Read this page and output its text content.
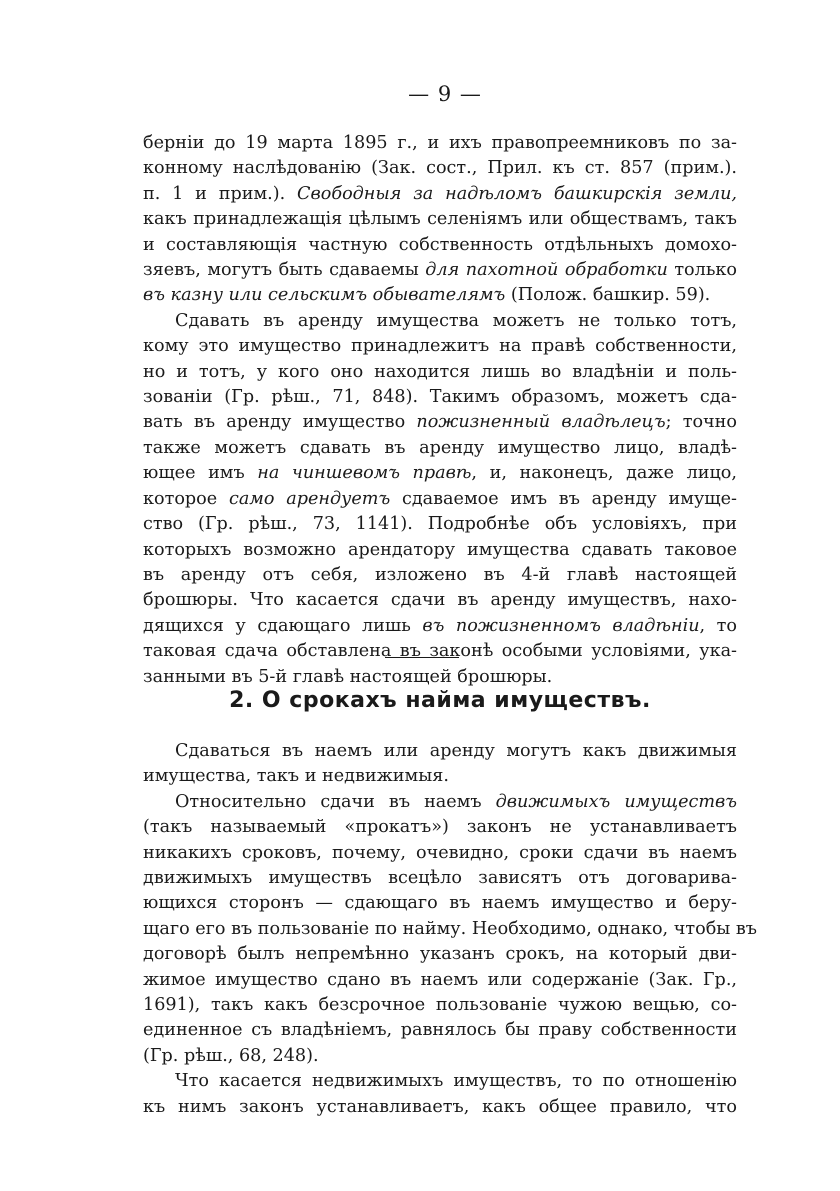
— 9 —
берніи до 19 марта 1895 г., и ихъ правопреемниковъ по за-
конному наслѣдованію (Зак. сост., Прил. къ ст. 857 (прим.).
п. 1 и прим.). Свободныя за надѣломъ башкирскія земли,
какъ принадлежащія цѣлымъ селеніямъ или обществамъ, такъ
и составляющія частную собственность отдѣльныхъ домохо-
зяевъ, могутъ быть сдаваемы для пахотной обработки только
въ казну или сельскимъ обывателямъ (Полож. башкир. 59).
Сдавать въ аренду имущества можетъ не только тотъ,
кому это имущество принадлежитъ на правѣ собственности,
но и тотъ, у кого оно находится лишь во владѣніи и поль-
зованіи (Гр. рѣш., 71, 848). Такимъ образомъ, можетъ сда-
вать въ аренду имущество пожизненный владѣлецъ; точно
также можетъ сдавать въ аренду имущество лицо, владѣ-
ющее имъ на чиншевомъ правѣ, и, наконецъ, даже лицо,
которое само арендуетъ сдаваемое имъ въ аренду имуще-
ство (Гр. рѣш., 73, 1141). Подробнѣе объ условіяхъ, при
которыхъ возможно арендатору имущества сдавать таковое
въ аренду отъ себя, изложено въ 4-й главѣ настоящей
брошюры. Что касается сдачи въ аренду имуществъ, нахо-
дящихся у сдающаго лишь въ пожизненномъ владѣніи, то
таковая сдача обставлена въ законѣ особыми условіями, ука-
занными въ 5-й главѣ настоящей брошюры.
2. О срокахъ найма имуществъ.
Сдаваться въ наемъ или аренду могутъ какъ движимыя
имущества, такъ и недвижимыя.
Относительно сдачи въ наемъ движимыхъ имуществъ
(такъ называемый «прокатъ») законъ не устанавливаетъ
никакихъ сроковъ, почему, очевидно, сроки сдачи въ наемъ
движимыхъ имуществъ всецѣло зависятъ отъ договарива-
ющихся сторонъ — сдающаго въ наемъ имущество и беру-
щаго его въ пользованіе по найму. Необходимо, однако, чтобы въ
договорѣ былъ непремѣнно указанъ срокъ, на который дви-
жимое имущество сдано въ наемъ или содержаніе (Зак. Гр.,
1691), такъ какъ безсрочное пользованіе чужою вещью, со-
единенное съ владѣніемъ, равнялось бы праву собственности
(Гр. рѣш., 68, 248).
Что касается недвижимыхъ имуществъ, то по отношенію
къ нимъ законъ устанавливаетъ, какъ общее правило, что
